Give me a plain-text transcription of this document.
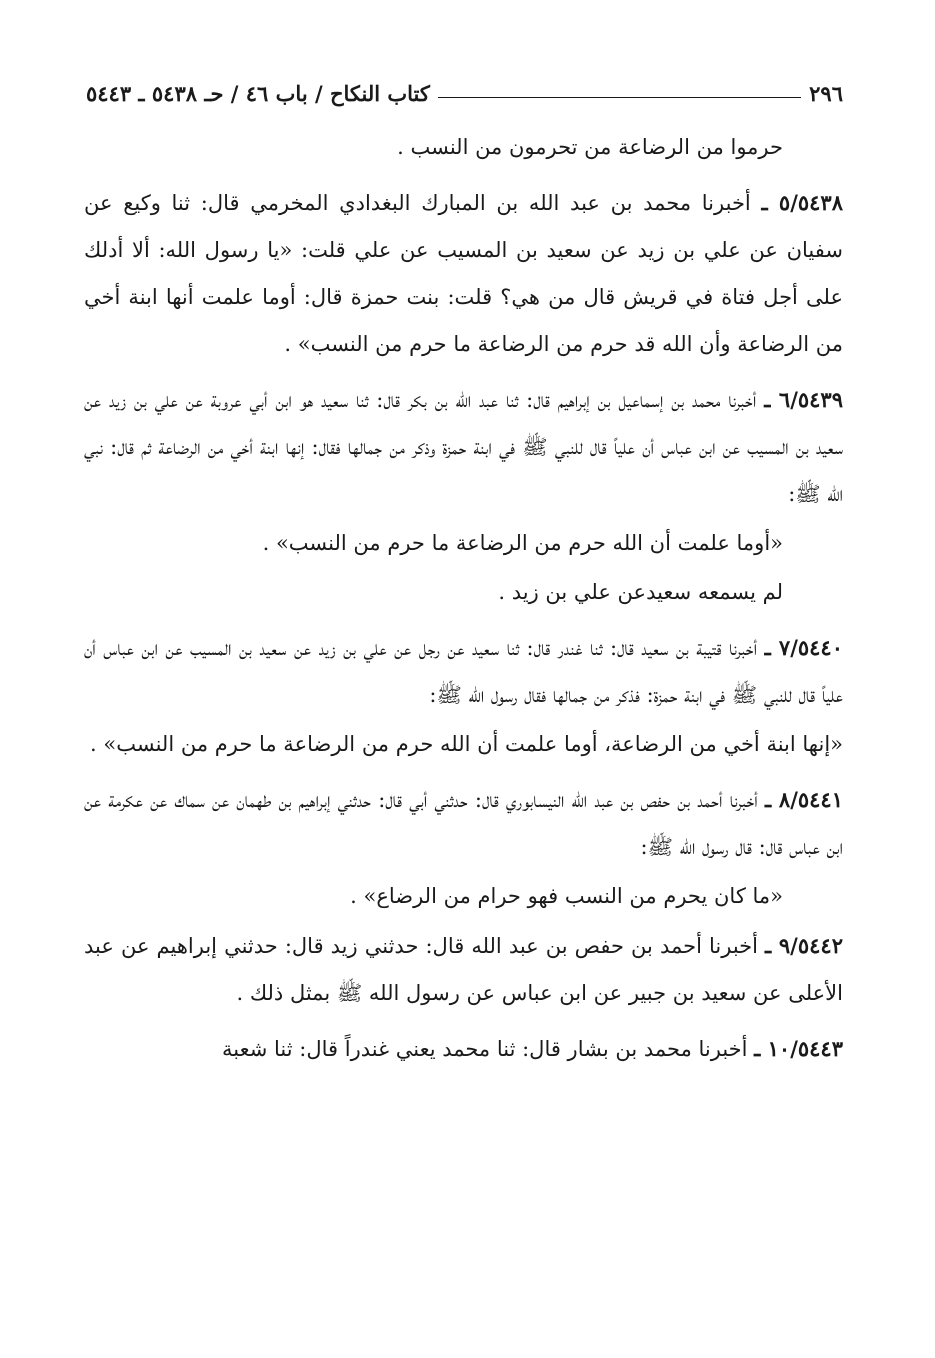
٢٩٦
كتاب النكاح / باب ٤٦ / حـ ٥٤٣٨ ـ ٥٤٤٣

حرموا من الرضاعة من تحرمون من النسب .

٥/٥٤٣٨ ـ أخبرنا محمد بن عبد الله بن المبارك البغدادي المخرمي قال: ثنا وكيع عن سفيان عن علي بن زيد عن سعيد بن المسيب عن علي قلت: «يا رسول الله: ألا أدلك على أجل فتاة في قريش قال من هي؟ قلت: بنت حمزة قال: أوما علمت أنها ابنة أخي من الرضاعة وأن الله قد حرم من الرضاعة ما حرم من النسب» .

٦/٥٤٣٩ ـ أخبرنا محمد بن إسماعيل بن إبراهيم قال: ثنا عبد الله بن بكر قال: ثنا سعيد هو ابن أبي عروبة عن علي بن زيد عن سعيد بن المسيب عن ابن عباس أن علياً قال للنبي ﷺ في ابنة حمزة وذكر من جمالها فقال: إنها ابنة أخي من الرضاعة ثم قال: نبي الله ﷺ:

«أوما علمت أن الله حرم من الرضاعة ما حرم من النسب» .

لم يسمعه سعيدعن علي بن زيد .

٧/٥٤٤٠ ـ أخبرنا قتيبة بن سعيد قال: ثنا غندر قال: ثنا سعيد عن رجل عن علي بن زيد عن سعيد بن المسيب عن ابن عباس أن علياً قال للنبي ﷺ في ابنة حمزة: فذكر من جمالها فقال رسول الله ﷺ:

«إنها ابنة أخي من الرضاعة، أوما علمت أن الله حرم من الرضاعة ما حرم من النسب» .

٨/٥٤٤١ ـ أخبرنا أحمد بن حفص بن عبد الله النيسابوري قال: حدثني أبي قال: حدثني إبراهيم بن طهمان عن سماك عن عكرمة عن ابن عباس قال: قال رسول الله ﷺ:

«ما كان يحرم من النسب فهو حرام من الرضاع» .

٩/٥٤٤٢ ـ أخبرنا أحمد بن حفص بن عبد الله قال: حدثني زيد قال: حدثني إبراهيم عن عبد الأعلى عن سعيد بن جبير عن ابن عباس عن رسول الله ﷺ بمثل ذلك .

١٠/٥٤٤٣ ـ أخبرنا محمد بن بشار قال: ثنا محمد يعني غندراً قال: ثنا شعبة
